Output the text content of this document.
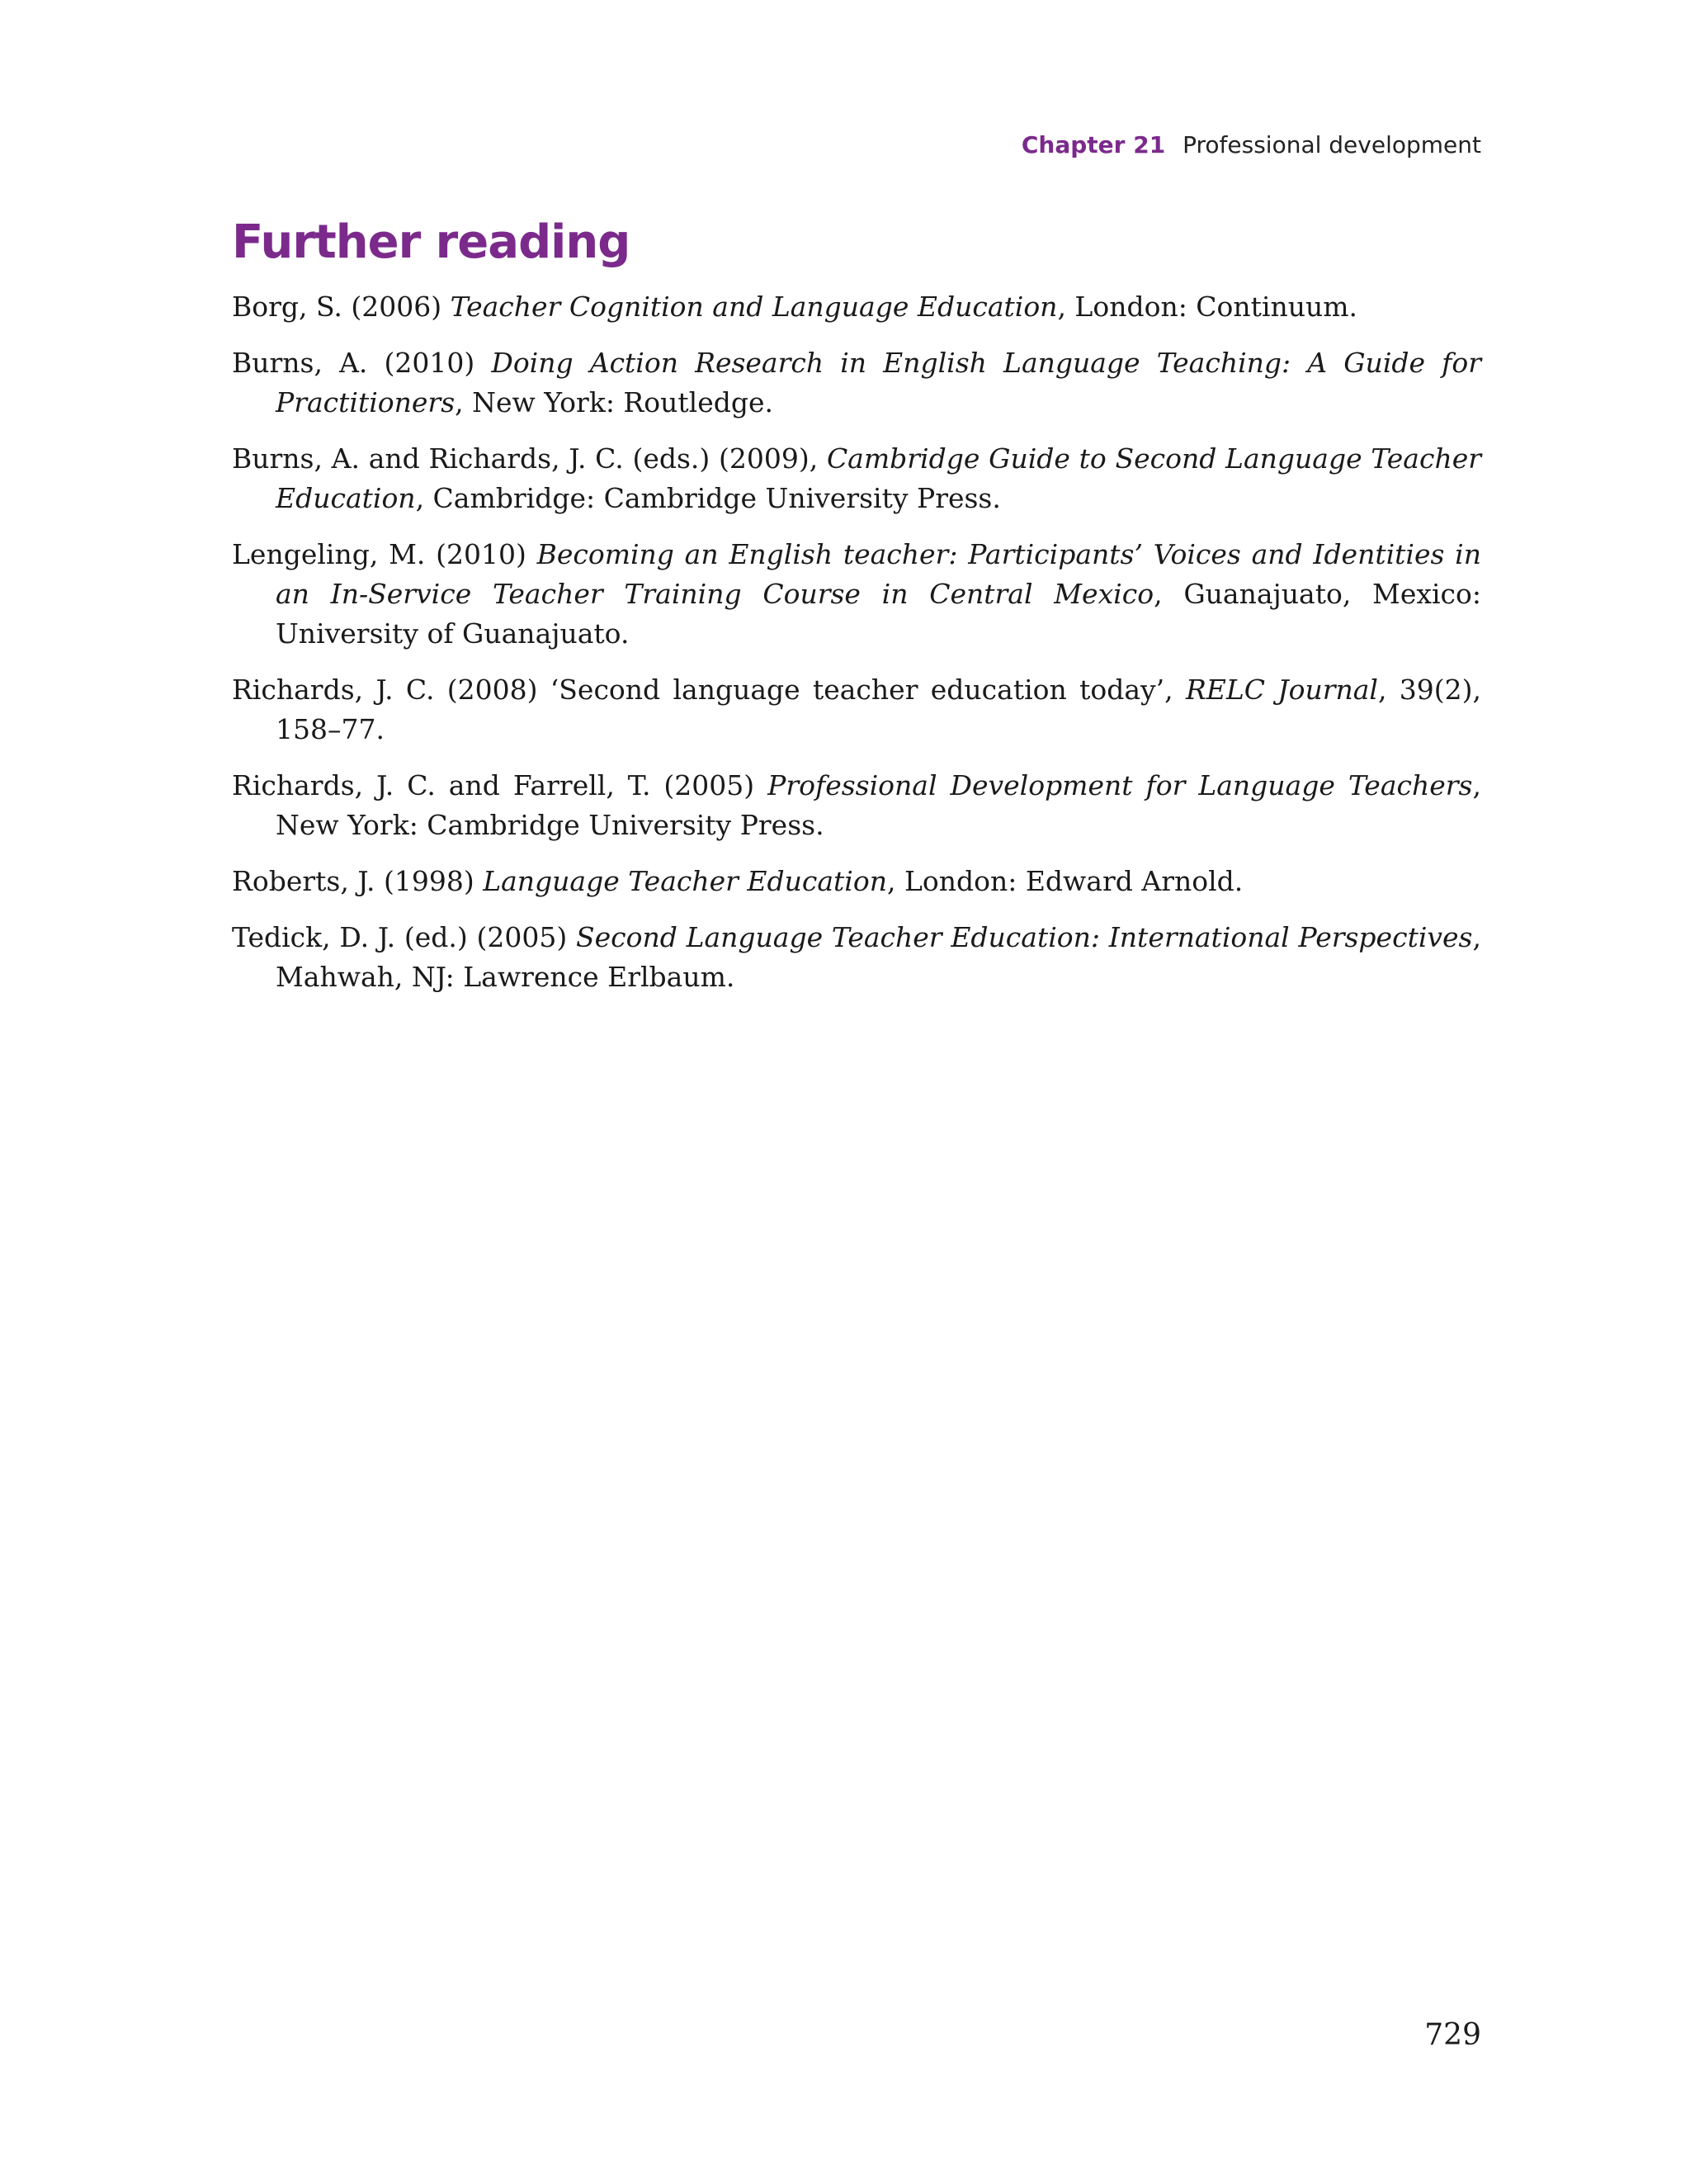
Chapter 21 Professional development
Further reading
Borg, S. (2006) Teacher Cognition and Language Education, London: Continuum.
Burns, A. (2010) Doing Action Research in English Language Teaching: A Guide for Practitioners, New York: Routledge.
Burns, A. and Richards, J. C. (eds.) (2009), Cambridge Guide to Second Language Teacher Education, Cambridge: Cambridge University Press.
Lengeling, M. (2010) Becoming an English teacher: Participants’ Voices and Identities in an In-Service Teacher Training Course in Central Mexico, Guanajuato, Mexico: University of Guanajuato.
Richards, J. C. (2008) ‘Second language teacher education today’, RELC Journal, 39(2), 158–77.
Richards, J. C. and Farrell, T. (2005) Professional Development for Language Teachers, New York: Cambridge University Press.
Roberts, J. (1998) Language Teacher Education, London: Edward Arnold.
Tedick, D. J. (ed.) (2005) Second Language Teacher Education: International Perspectives, Mahwah, NJ: Lawrence Erlbaum.
729
